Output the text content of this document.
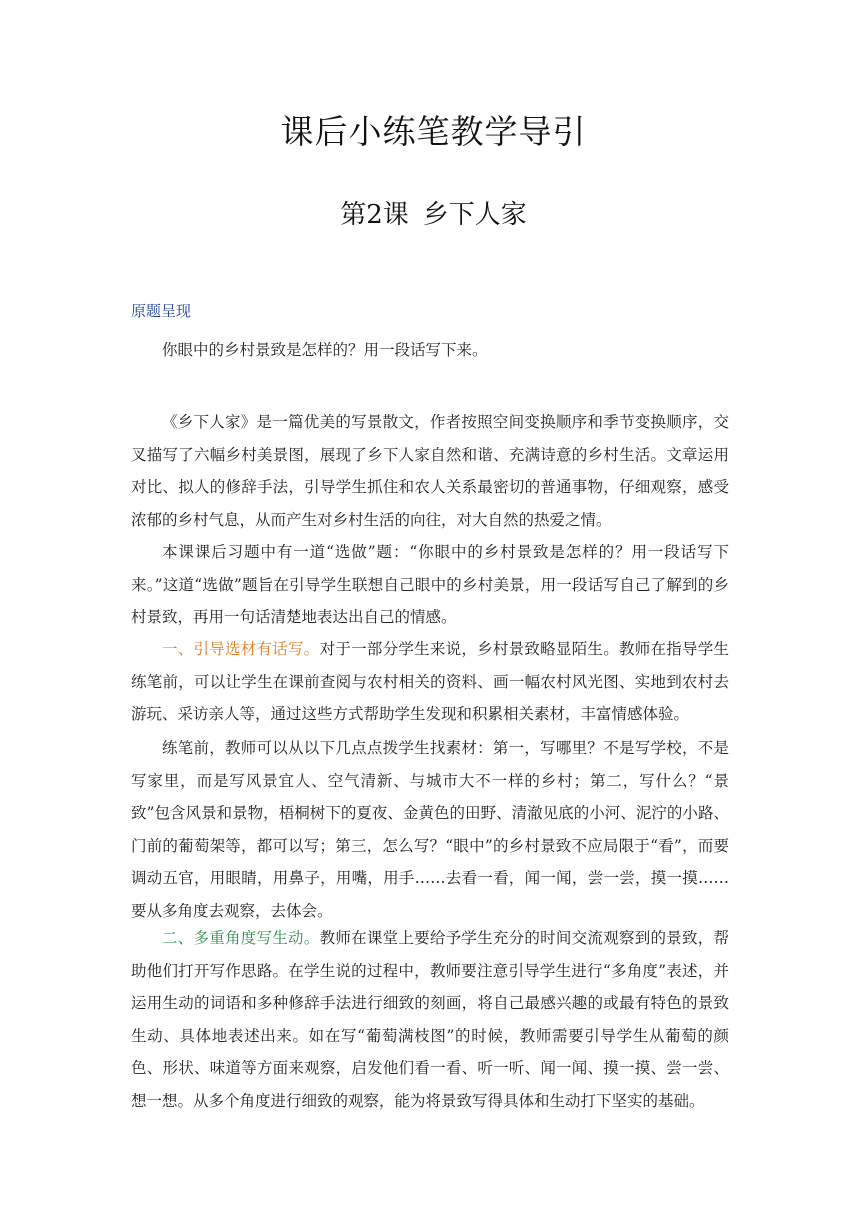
课后小练笔教学导引
第2课 乡下人家
原题呈现

你眼中的乡村景致是怎样的？用一段话写下来。

《乡下人家》是一篇优美的写景散文，作者按照空间变换顺序和季节变换顺序，交叉描写了六幅乡村美景图，展现了乡下人家自然和谐、充满诗意的乡村生活。文章运用对比、拟人的修辞手法，引导学生抓住和农人关系最密切的普通事物，仔细观察，感受浓郁的乡村气息，从而产生对乡村生活的向往，对大自然的热爱之情。

本课课后习题中有一道“选做”题：“你眼中的乡村景致是怎样的？用一段话写下来。”这道“选做”题旨在引导学生联想自己眼中的乡村美景，用一段话写自己了解到的乡村景致，再用一句话清楚地表达出自己的情感。

一、引导选材有话写。对于一部分学生来说，乡村景致略显陌生。教师在指导学生练笔前，可以让学生在课前查阅与农村相关的资料、画一幅农村风光图、实地到农村去游玩、采访亲人等，通过这些方式帮助学生发现和积累相关素材，丰富情感体验。

练笔前，教师可以从以下几点点拨学生找素材：第一，写哪里？不是写学校，不是写家里，而是写风景宜人、空气清新、与城市大不一样的乡村；第二，写什么？“景致”包含风景和景物，梧桐树下的夏夜、金黄色的田野、清澈见底的小河、泥泞的小路、门前的葡萄架等，都可以写；第三，怎么写？“眼中”的乡村景致不应局限于“看”，而要调动五官，用眼睛，用鼻子，用嘴，用手……去看一看，闻一闻，尝一尝，摸一摸……要从多角度去观察，去体会。

二、多重角度写生动。教师在课堂上要给予学生充分的时间交流观察到的景致，帮助他们打开写作思路。在学生说的过程中，教师要注意引导学生进行“多角度”表述，并运用生动的词语和多种修辞手法进行细致的刻画，将自己最感兴趣的或最有特色的景致生动、具体地表述出来。如在写“葡萄满枝图”的时候，教师需要引导学生从葡萄的颜色、形状、味道等方面来观察，启发他们看一看、听一听、闻一闻、摸一摸、尝一尝、想一想。从多个角度进行细致的观察，能为将景致写得具体和生动打下坚实的基础。
